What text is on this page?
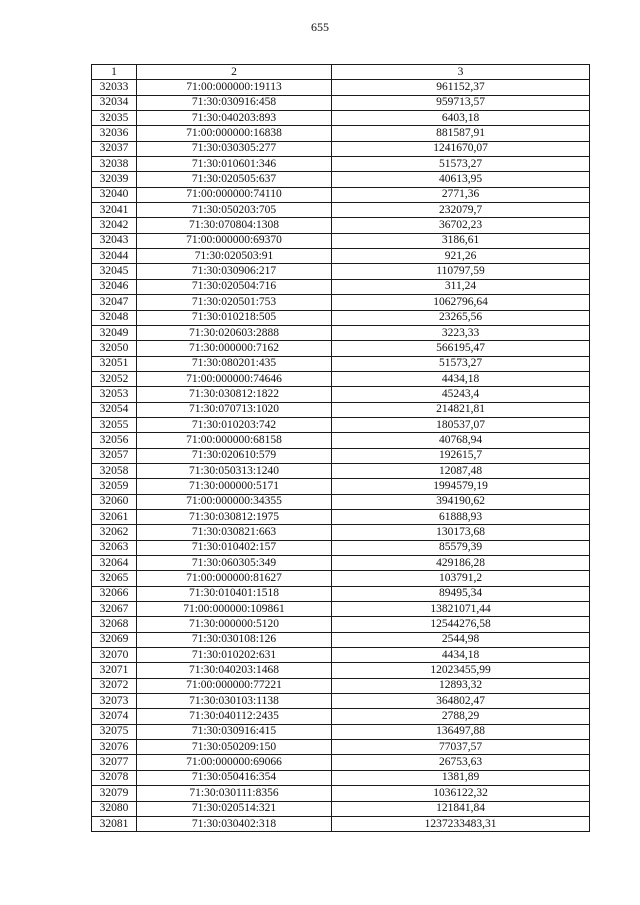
655
1	2	3
32033	71:00:000000:19113	961152,37
32034	71:30:030916:458	959713,57
32035	71:30:040203:893	6403,18
32036	71:00:000000:16838	881587,91
32037	71:30:030305:277	1241670,07
32038	71:30:010601:346	51573,27
32039	71:30:020505:637	40613,95
32040	71:00:000000:74110	2771,36
32041	71:30:050203:705	232079,7
32042	71:30:070804:1308	36702,23
32043	71:00:000000:69370	3186,61
32044	71:30:020503:91	921,26
32045	71:30:030906:217	110797,59
32046	71:30:020504:716	311,24
32047	71:30:020501:753	1062796,64
32048	71:30:010218:505	23265,56
32049	71:30:020603:2888	3223,33
32050	71:30:000000:7162	566195,47
32051	71:30:080201:435	51573,27
32052	71:00:000000:74646	4434,18
32053	71:30:030812:1822	45243,4
32054	71:30:070713:1020	214821,81
32055	71:30:010203:742	180537,07
32056	71:00:000000:68158	40768,94
32057	71:30:020610:579	192615,7
32058	71:30:050313:1240	12087,48
32059	71:30:000000:5171	1994579,19
32060	71:00:000000:34355	394190,62
32061	71:30:030812:1975	61888,93
32062	71:30:030821:663	130173,68
32063	71:30:010402:157	85579,39
32064	71:30:060305:349	429186,28
32065	71:00:000000:81627	103791,2
32066	71:30:010401:1518	89495,34
32067	71:00:000000:109861	13821071,44
32068	71:30:000000:5120	12544276,58
32069	71:30:030108:126	2544,98
32070	71:30:010202:631	4434,18
32071	71:30:040203:1468	12023455,99
32072	71:00:000000:77221	12893,32
32073	71:30:030103:1138	364802,47
32074	71:30:040112:2435	2788,29
32075	71:30:030916:415	136497,88
32076	71:30:050209:150	77037,57
32077	71:00:000000:69066	26753,63
32078	71:30:050416:354	1381,89
32079	71:30:030111:8356	1036122,32
32080	71:30:020514:321	121841,84
32081	71:30:030402:318	1237233483,31
